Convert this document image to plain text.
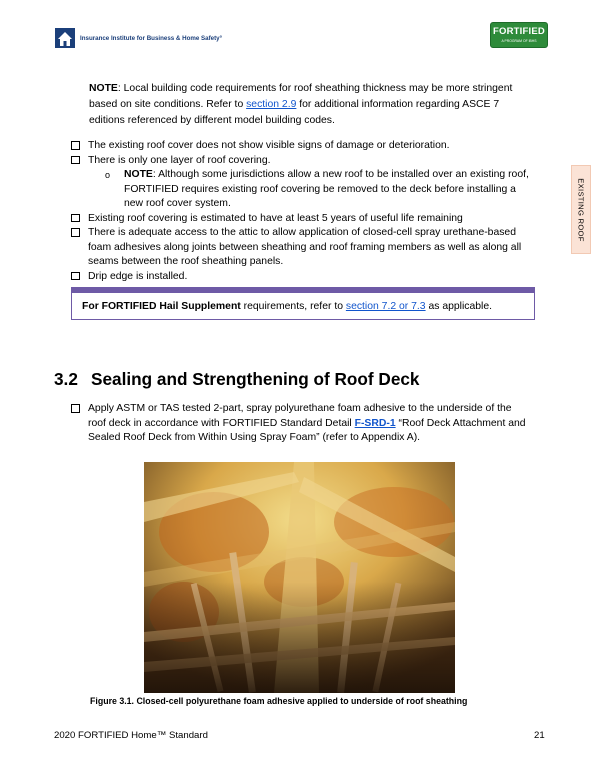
Insurance Institute for Business & Home Safety°
FORTIFIED
A PROGRAM OF IBHS
EXISTING ROOF
NOTE: Local building code requirements for roof sheathing thickness may be more stringent
based on site conditions. Refer to section 2.9 for additional information regarding ASCE 7
editions referenced by different model building codes.
The existing roof cover does not show visible signs of damage or deterioration.
There is only one layer of roof covering.
o NOTE: Although some jurisdictions allow a new roof to be installed over an existing roof,
FORTIFIED requires existing roof covering be removed to the deck before installing a
new roof cover system.
Existing roof covering is estimated to have at least 5 years of useful life remaining
There is adequate access to the attic to allow application of closed-cell spray urethane-based
foam adhesives along joints between sheathing and roof framing members as well as along all
seams between the roof sheathing panels.
Drip edge is installed.
For FORTIFIED Hail Supplement requirements, refer to section 7.2 or 7.3 as applicable.
3.2 Sealing and Strengthening of Roof Deck
Apply ASTM or TAS tested 2-part, spray polyurethane foam adhesive to the underside of the
roof deck in accordance with FORTIFIED Standard Detail F-SRD-1 “Roof Deck Attachment and
Sealed Roof Deck from Within Using Spray Foam” (refer to Appendix A).
Figure 3.1. Closed-cell polyurethane foam adhesive applied to underside of roof sheathing
2020 FORTIFIED Home™ Standard	21
